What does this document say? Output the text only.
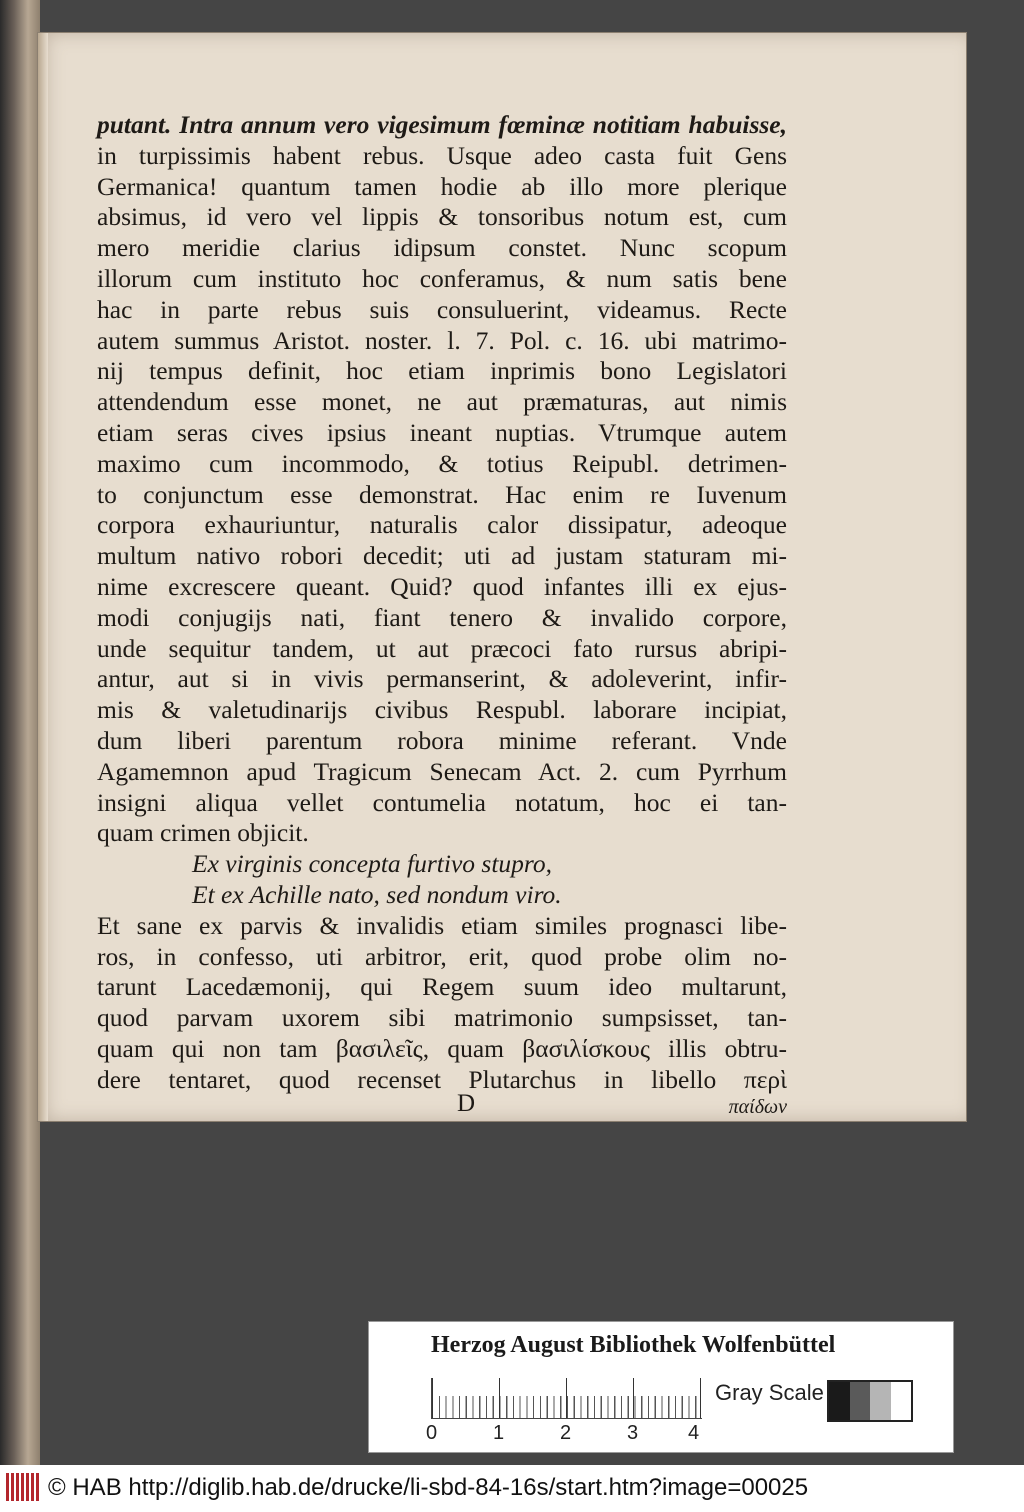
putant. Intra annum vero vigesimum fœminæ notitiam habuisse,
in turpissimis habent rebus. Usque adeo casta fuit Gens
Germanica! quantum tamen hodie ab illo more plerique
absimus, id vero vel lippis & tonsoribus notum est, cum
mero meridie clarius idipsum constet. Nunc scopum
illorum cum instituto hoc conferamus, & num satis bene
hac in parte rebus suis consuluerint, videamus. Recte
autem summus Aristot. noster. l. 7. Pol. c. 16. ubi matrimo-
nij tempus definit, hoc etiam inprimis bono Legislatori
attendendum esse monet, ne aut præmaturas, aut nimis
etiam seras cives ipsius ineant nuptias. Vtrumque autem
maximo cum incommodo, & totius Reipubl. detrimen-
to conjunctum esse demonstrat. Hac enim re Iuvenum
corpora exhauriuntur, naturalis calor dissipatur, adeoque
multum nativo robori decedit; uti ad justam staturam mi-
nime excrescere queant. Quid? quod infantes illi ex ejus-
modi conjugijs nati, fiant tenero & invalido corpore,
unde sequitur tandem, ut aut præcoci fato rursus abripi-
antur, aut si in vivis permanserint, & adoleverint, infir-
mis & valetudinarijs civibus Respubl. laborare incipiat,
dum liberi parentum robora minime referant. Vnde
Agamemnon apud Tragicum Senecam Act. 2. cum Pyrrhum
insigni aliqua vellet contumelia notatum, hoc ei tan-
quam crimen objicit.
Ex virginis concepta furtivo stupro,
Et ex Achille nato, sed nondum viro.
Et sane ex parvis & invalidis etiam similes prognasci libe-
ros, in confesso, uti arbitror, erit, quod probe olim no-
tarunt Lacedæmonij, qui Regem suum ideo multarunt,
quod parvam uxorem sibi matrimonio sumpsisset, tan-
quam qui non tam βασιλεῖς, quam βασιλίσκους illis obtru-
dere tentaret, quod recenset Plutarchus in libello περὶ
D	παίδων
Herzog August Bibliothek Wolfenbüttel
0	1	2	3 4
Gray Scale
© HAB http://diglib.hab.de/drucke/li-sbd-84-16s/start.htm?image=00025
